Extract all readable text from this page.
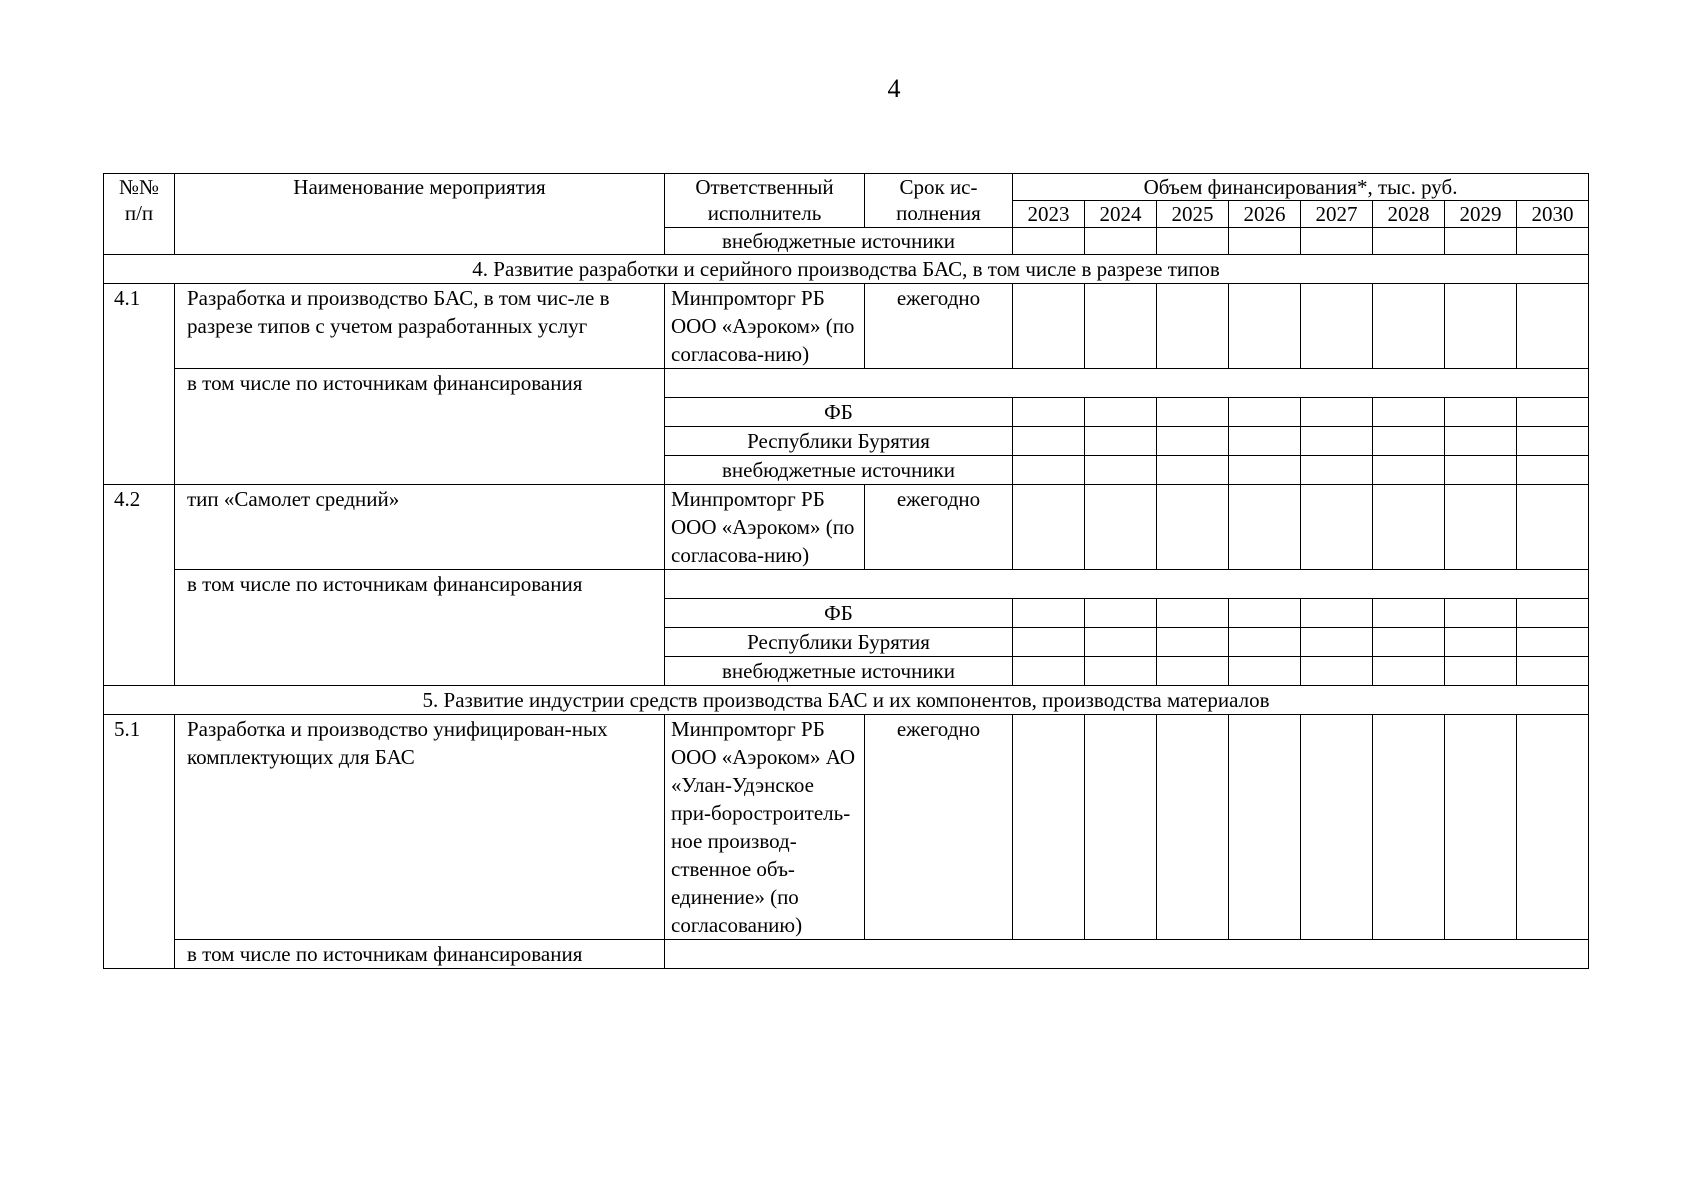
4
№№ п/п	Наименование мероприятия	Ответственный исполнитель	Срок ис-полнения	Объем финансирования*, тыс. руб.							
				2023	2024	2025	2026	2027	2028	2029	2030
		внебюджетные источники									
4. Развитие разработки и серийного производства БАС, в том числе в разрезе типов											
4.1	Разработка и производство БАС, в том чис-ле в разрезе типов с учетом разработанных услуг	Минпромторг РБ ООО «Аэроком» (по согласова-нию)	ежегодно								
	в том числе по источникам финансирования										
		ФБ									
		Республики Бурятия									
		внебюджетные источники									
4.2	тип «Самолет средний»	Минпромторг РБ ООО «Аэроком» (по согласова-нию)	ежегодно								
	в том числе по источникам финансирования										
		ФБ									
		Республики Бурятия									
		внебюджетные источники									
5. Развитие индустрии средств производства БАС и их компонентов, производства материалов											
5.1	Разработка и производство унифицирован-ных комплектующих для БАС	Минпромторг РБ ООО «Аэроком» АО «Улан-Удэнское при-боростроитель-ное производ-ственное объ-единение» (по согласованию)	ежегодно								
	в том числе по источникам финансирования										
